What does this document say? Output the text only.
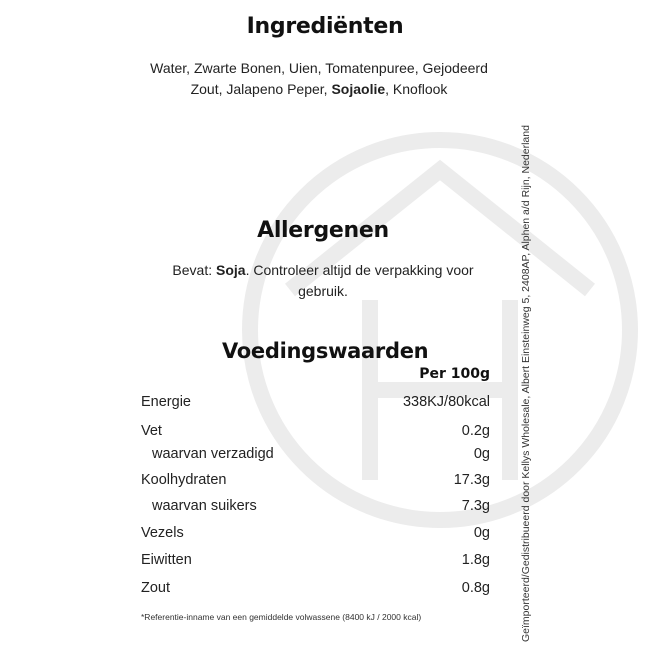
Ingrediënten
Water, Zwarte Bonen, Uien, Tomatenpuree, Gejodeerd
Zout, Jalapeno Peper, Sojaolie, Knoflook
Allergenen
Bevat: Soja. Controleer altijd de verpakking voor gebruik.
Voedingswaarden
Per 100g
Energie	338KJ/80kcal
Vet	0.2g
waarvan verzadigd	0g
Koolhydraten	17.3g
waarvan suikers	7.3g
Vezels	0g
Eiwitten	1.8g
Zout	0.8g
*Referentie-inname van een gemiddelde volwassene (8400 kJ / 2000 kcal)	Geïmporteerd/Gedistribueerd door Kellys Wholesale, Albert Einsteinweg 5, 2408AP, Alphen a/d Rijn, Nederland
